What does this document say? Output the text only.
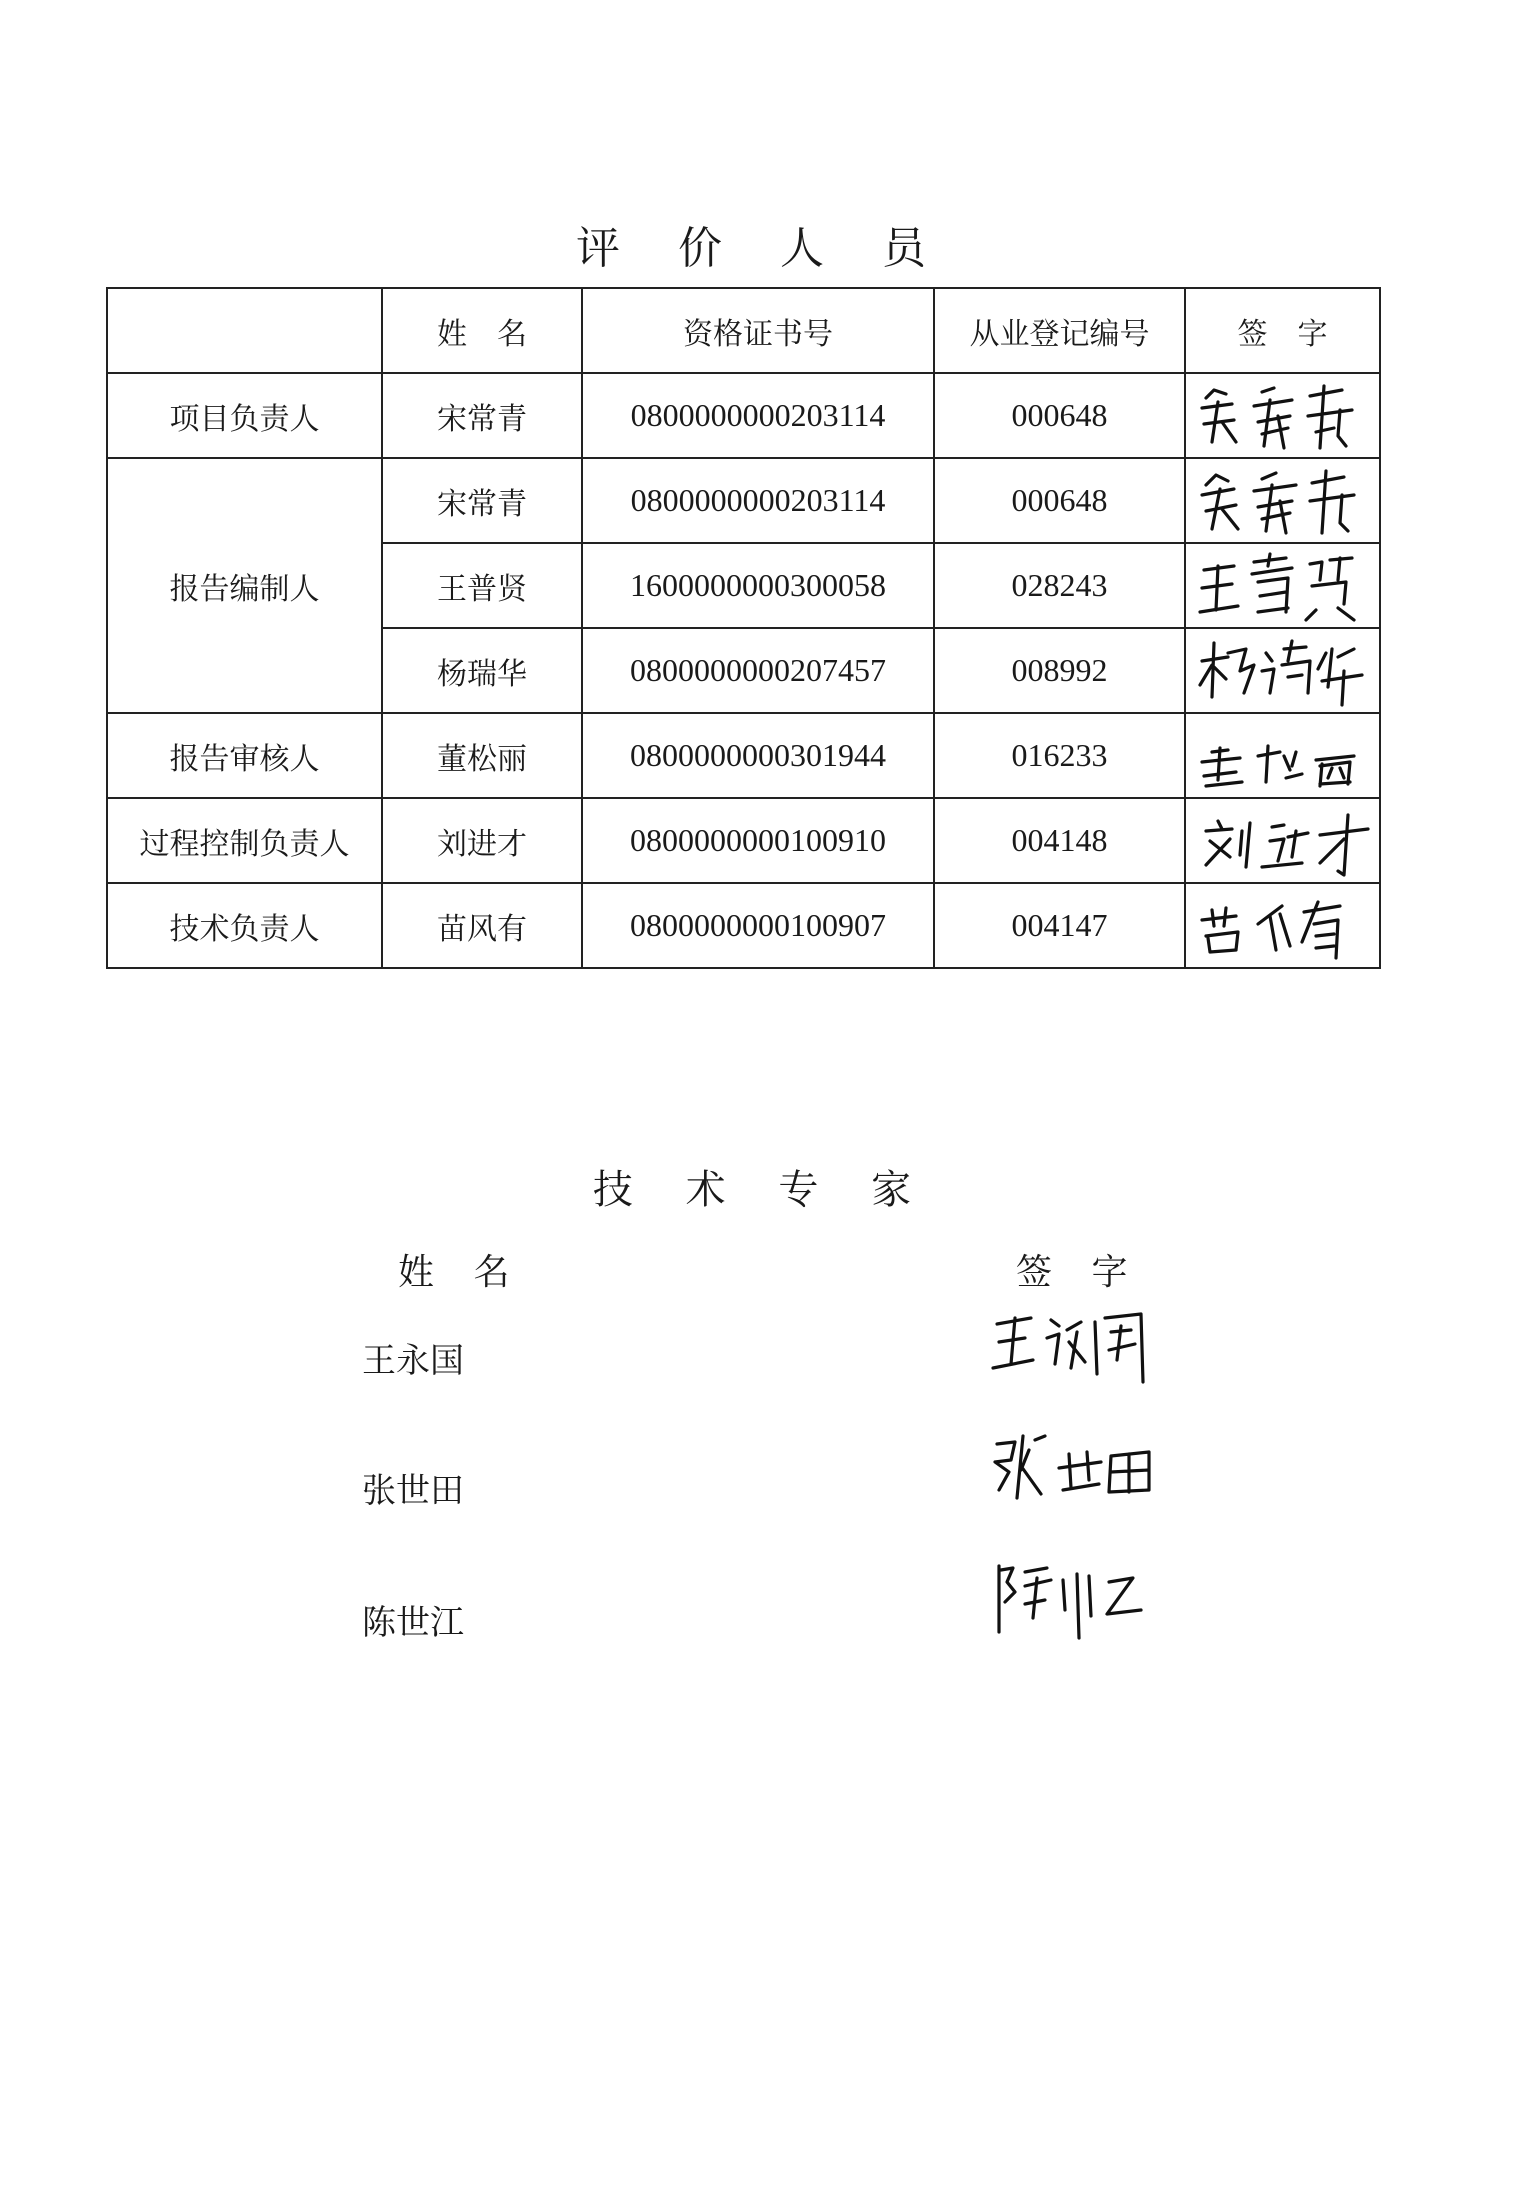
评 价 人 员
	姓　名	资格证书号	从业登记编号	签　字
项目负责人	宋常青	0800000000203114	000648	

报告编制人	宋常青	0800000000203114	000648	

	王普贤	1600000000300058	028243	

	杨瑞华	0800000000207457	008992	

报告审核人	董松丽	0800000000301944	016233	

过程控制负责人	刘进才	0800000000100910	004148	

技术负责人	苗风有	0800000000100907	004147	
技 术 专 家
姓 名	签 字
王永国
张世田
陈世江
